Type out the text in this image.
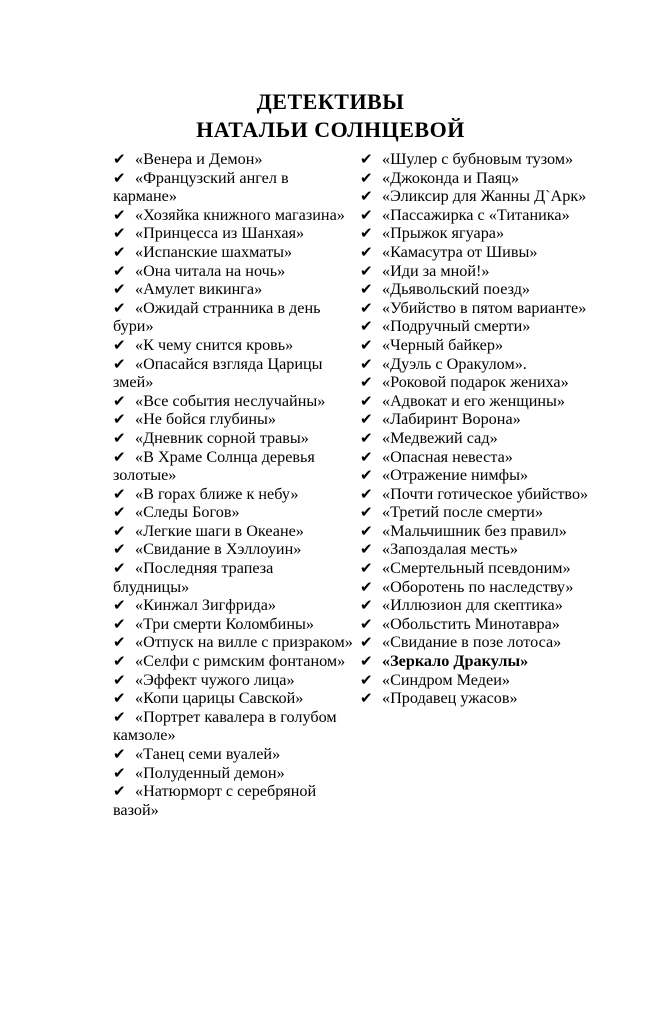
ДЕТЕКТИВЫ
НАТАЛЬИ СОЛНЦЕВОЙ
✔ «Венера и Демон»
✔ «Французский ангел в кармане»
✔ «Хозяйка книжного магазина»
✔ «Принцесса из Шанхая»
✔ «Испанские шахматы»
✔ «Она читала на ночь»
✔ «Амулет викинга»
✔ «Ожидай странника в день бури»
✔ «К чему снится кровь»
✔ «Опасайся взгляда Царицы змей»
✔ «Все события неслучайны»
✔ «Не бойся глубины»
✔ «Дневник сорной травы»
✔ «В Храме Солнца деревья золотые»
✔ «В горах ближе к небу»
✔ «Следы Богов»
✔ «Легкие шаги в Океане»
✔ «Свидание в Хэллоуин»
✔ «Последняя трапеза блудницы»
✔ «Кинжал Зигфрида»
✔ «Три смерти Коломбины»
✔ «Отпуск на вилле с призраком»
✔ «Селфи с римским фонтаном»
✔ «Эффект чужого лица»
✔ «Копи царицы Савской»
✔ «Портрет кавалера в голубом камзоле»
✔ «Танец семи вуалей»
✔ «Полуденный демон»
✔ «Натюрморт с серебряной вазой»
✔ «Шулер с бубновым тузом»
✔ «Джоконда и Паяц»
✔ «Эликсир для Жанны Д`Арк»
✔ «Пассажирка с «Титаника»
✔ «Прыжок ягуара»
✔ «Камасутра от Шивы»
✔ «Иди за мной!»
✔ «Дьявольский поезд»
✔ «Убийство в пятом варианте»
✔ «Подручный смерти»
✔ «Черный байкер»
✔ «Дуэль с Оракулом».
✔ «Роковой подарок жениха»
✔ «Адвокат и его женщины»
✔ «Лабиринт Ворона»
✔ «Медвежий сад»
✔ «Опасная невеста»
✔ «Отражение нимфы»
✔ «Почти готическое убийство»
✔ «Третий после смерти»
✔ «Мальчишник без правил»
✔ «Запоздалая месть»
✔ «Смертельный псевдоним»
✔ «Оборотень по наследству»
✔ «Иллюзион для скептика»
✔ «Обольстить Минотавра»
✔ «Свидание в позе лотоса»
✔ «Зеркало Дракулы»
✔ «Синдром Медеи»
✔ «Продавец ужасов»
